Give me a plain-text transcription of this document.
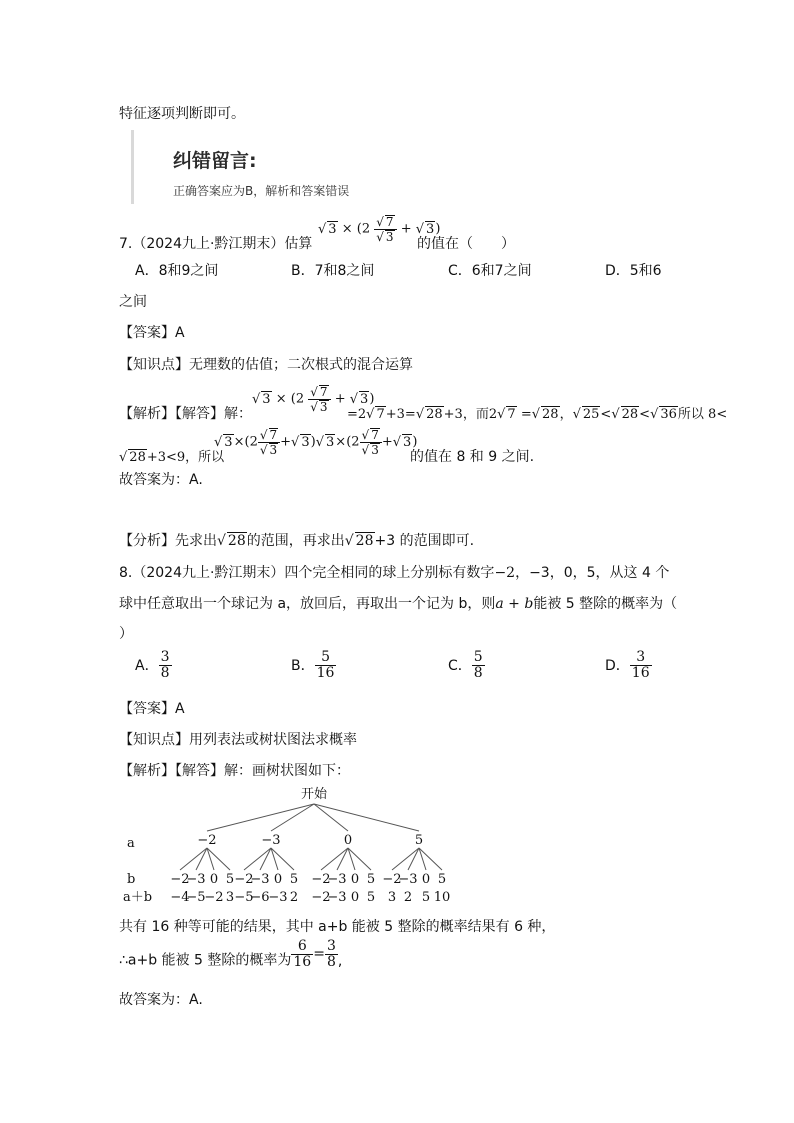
特征逐项判断即可。
纠错留言:
正确答案应为B，解析和答案错误
7.（2024九上·黔江期末）估算
√ 3 × (2 √ 7
√ 3 + √ 3)
的值在（　　）
A．8和9之间	B．7和8之间	C．6和7之间	D．5和6
之间
【答案】A
【知识点】无理数的估值；二次根式的混合运算
【解析】【解答】解：
√ 3 × (2 √ 7
√ 3 + √ 3)
=2 √ 7+3= √ 28+3，而2 √ 7 = √ 28， √ 25< √ 28< √ 36所以 8<
√ 28+3<9，所以
√ 3×(2 √ 7
√ 3 + √ 3) √ 3×(2 √ 7
√ 3 + √ 3)
的值在 8 和 9 之间.
故答案为：A.
【分析】先求出 √ 28的范围，再求出 √ 28+3 的范围即可.
8.（2024九上·黔江期末）四个完全相同的球上分别标有数字−2，−3，0，5，从这 4 个
球中任意取出一个球记为 a，放回后，再取出一个记为 b，则a + b能被 5 整除的概率为（
）
A． $\frac{3}{8}$	B． $\frac{5}{16}$	C． $\frac{5}{8}$	D． $\frac{3}{16}$
【答案】A
【知识点】用列表法或树状图法求概率
【解析】【解答】解：画树状图如下：
开始
a
b
a＋b
−2
−2
−4
−3
−5
0
−2
5
3
−3
−2
−5
−3
−6
0
−3
5
2
0
−2
−2
−3
−3
0
0
5
5
5
−2
3
−3
2
0
5
5
10
共有 16 种等可能的结果，其中 a+b 能被 5 整除的概率结果有 6 种，
∴a+b 能被 5 整除的概率为 $\frac{6}{16} = \frac{3}{8}$ ,
故答案为：A.
